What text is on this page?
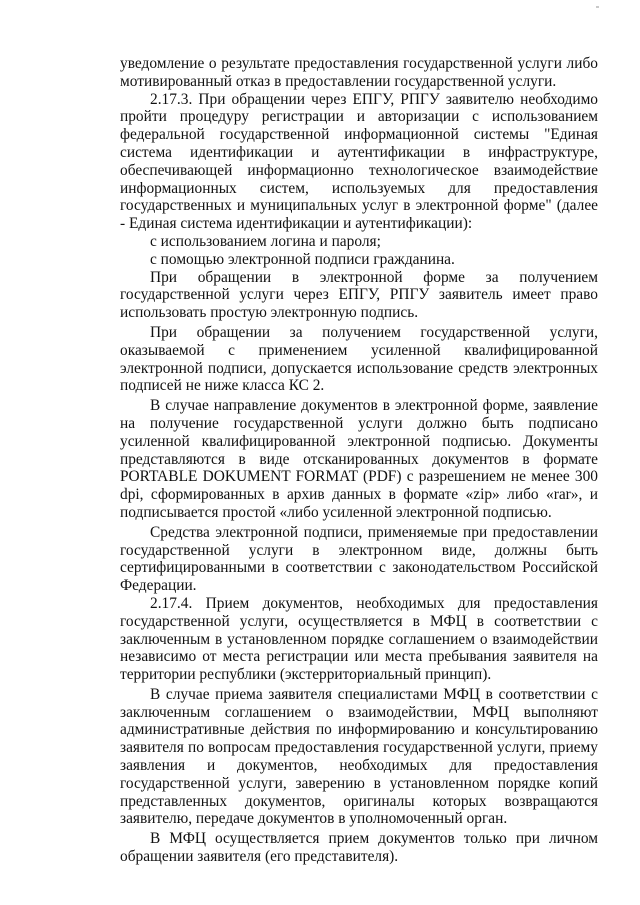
уведомление о результате предоставления государственной услуги либо мотивированный отказ в предоставлении государственной услуги.

2.17.3. При обращении через ЕПГУ, РПГУ заявителю необходимо пройти процедуру регистрации и авторизации с использованием федеральной государственной информационной системы "Единая система идентификации и аутентификации в инфраструктуре, обеспечивающей информационно технологическое взаимодействие информационных систем, используемых для предоставления государственных и муниципальных услуг в электронной форме" (далее - Единая система идентификации и аутентификации):

с использованием логина и пароля;

с помощью электронной подписи гражданина.

При обращении в электронной форме за получением государственной услуги через ЕПГУ, РПГУ заявитель имеет право использовать простую электронную подпись.

При обращении за получением государственной услуги, оказываемой с применением усиленной квалифицированной электронной подписи, допускается использование средств электронных подписей не ниже класса КС 2.

В случае направление документов в электронной форме, заявление на получение государственной услуги должно быть подписано усиленной квалифицированной электронной подписью. Документы представляются в виде отсканированных документов в формате PORTABLE DOKUMENT FORMAT (PDF) с разрешением не менее 300 dpi, сформированных в архив данных в формате «zip» либо «rar», и подписывается простой «либо усиленной электронной подписью.

Средства электронной подписи, применяемые при предоставлении государственной услуги в электронном виде, должны быть сертифицированными в соответствии с законодательством Российской Федерации.

2.17.4. Прием документов, необходимых для предоставления государственной услуги, осуществляется в МФЦ в соответствии с заключенным в установленном порядке соглашением о взаимодействии независимо от места регистрации или места пребывания заявителя на территории республики (экстерриториальный принцип).

В случае приема заявителя специалистами МФЦ в соответствии с заключенным соглашением о взаимодействии, МФЦ выполняют административные действия по информированию и консультированию заявителя по вопросам предоставления государственной услуги, приему заявления и документов, необходимых для предоставления государственной услуги, заверению в установленном порядке копий представленных документов, оригиналы которых возвращаются заявителю, передаче документов в уполномоченный орган.

В МФЦ осуществляется прием документов только при личном обращении заявителя (его представителя).
